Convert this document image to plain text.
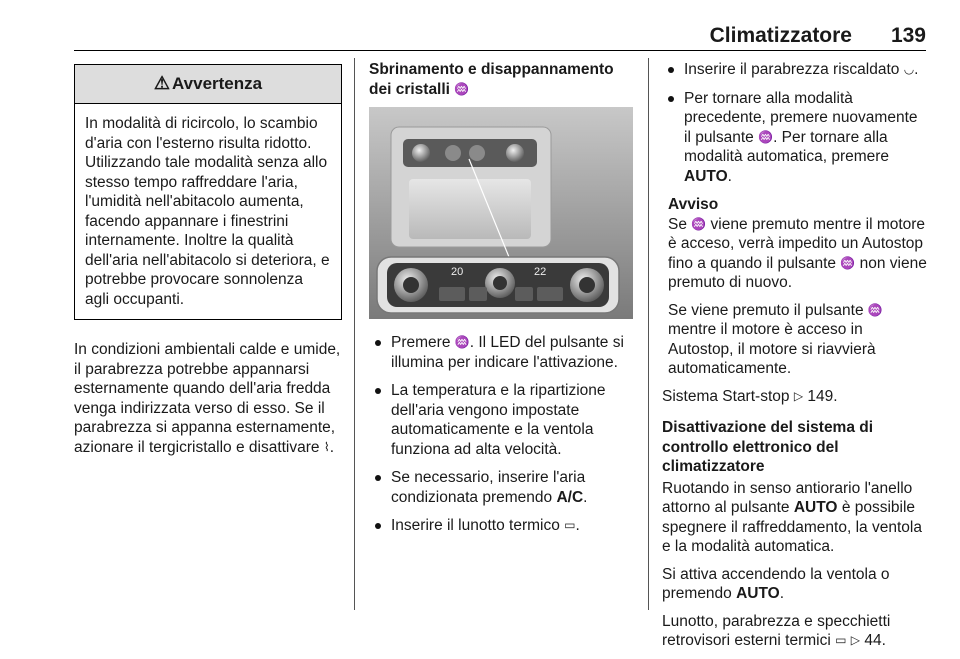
Climatizzatore 139
⚠ Avvertenza
In modalità di ricircolo, lo scambio d'aria con l'esterno risulta ridotto. Utilizzando tale modalità senza allo stesso tempo raffreddare l'aria, l'umidità nell'abitacolo aumenta, facendo appannare i finestrini internamente. Inoltre la qualità dell'aria nell'abitacolo si deteriora, e potrebbe provocare sonnolenza agli occupanti.

In condizioni ambientali calde e umide, il parabrezza potrebbe appannarsi esternamente quando dell'aria fredda venga indirizzata verso di esso. Se il parabrezza si appanna esternamente, azionare il tergicristallo e disattivare ⌇.

Sbrinamento e disappannamento dei cristalli ♒

20	22
Premere ♒. Il LED del pulsante si illumina per indicare l'attivazione.
La temperatura e la ripartizione dell'aria vengono impostate automaticamente e la ventola funziona ad alta velocità.
Se necessario, inserire l'aria condizionata premendo A/C.
Inserire il lunotto termico ▭.
Inserire il parabrezza riscaldato ◡.
Per tornare alla modalità precedente, premere nuovamente il pulsante ♒. Per tornare alla modalità automatica, premere AUTO.
Avviso

Se ♒ viene premuto mentre il motore è acceso, verrà impedito un Autostop fino a quando il pulsante ♒ non viene premuto di nuovo.

Se viene premuto il pulsante ♒ mentre il motore è acceso in Autostop, il motore si riavvierà automaticamente.

Sistema Start-stop ▷ 149.

Disattivazione del sistema di controllo elettronico del climatizzatore

Ruotando in senso antiorario l'anello attorno al pulsante AUTO è possibile spegnere il raffreddamento, la ventola e la modalità automatica.

Si attiva accendendo la ventola o premendo AUTO.

Lunotto, parabrezza e specchietti retrovisori esterni termici ▭ ▷ 44.
